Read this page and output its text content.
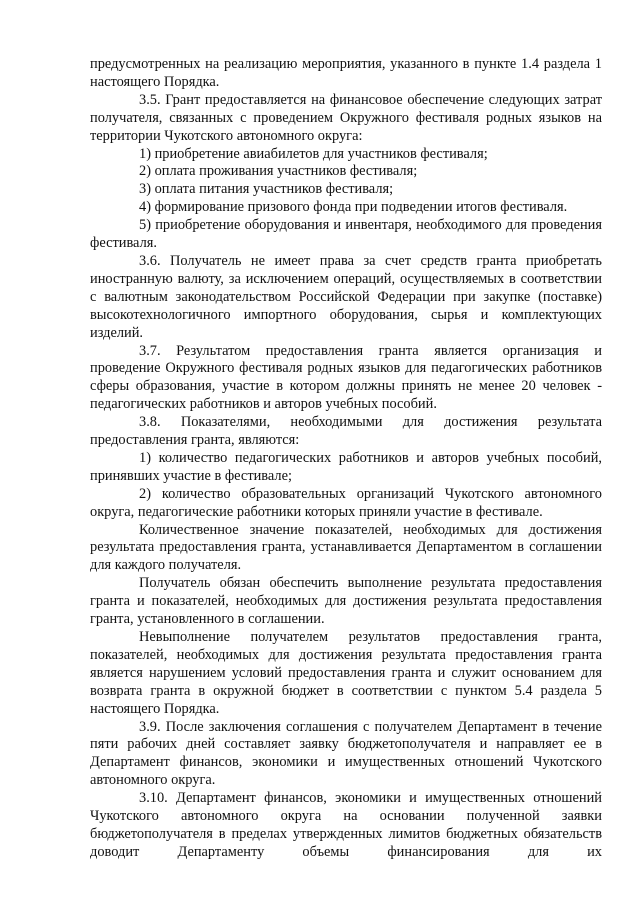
предусмотренных на реализацию мероприятия, указанного в пункте 1.4 раздела 1 настоящего Порядка.

3.5. Грант предоставляется на финансовое обеспечение следующих затрат получателя, связанных с проведением Окружного фестиваля родных языков на территории Чукотского автономного округа:

1) приобретение авиабилетов для участников фестиваля;

2) оплата проживания участников фестиваля;

3) оплата питания участников фестиваля;

4) формирование призового фонда при подведении итогов фестиваля.

5) приобретение оборудования и инвентаря, необходимого для проведения фестиваля.

3.6. Получатель не имеет права за счет средств гранта приобретать иностранную валюту, за исключением операций, осуществляемых в соответствии с валютным законодательством Российской Федерации при закупке (поставке) высокотехнологичного импортного оборудования, сырья и комплектующих изделий.

3.7. Результатом предоставления гранта является организация и проведение Окружного фестиваля родных языков для педагогических работников сферы образования, участие в котором должны принять не менее 20 человек - педагогических работников и авторов учебных пособий.

3.8. Показателями, необходимыми для достижения результата предоставления гранта, являются:

1) количество педагогических работников и авторов учебных пособий, принявших участие в фестивале;

2) количество образовательных организаций Чукотского автономного округа, педагогические работники которых приняли участие в фестивале.

Количественное значение показателей, необходимых для достижения результата предоставления гранта, устанавливается Департаментом в соглашении для каждого получателя.

Получатель обязан обеспечить выполнение результата предоставления гранта и показателей, необходимых для достижения результата предоставления гранта, установленного в соглашении.

Невыполнение получателем результатов предоставления гранта, показателей, необходимых для достижения результата предоставления гранта является нарушением условий предоставления гранта и служит основанием для возврата гранта в окружной бюджет в соответствии с пунктом 5.4 раздела 5 настоящего Порядка.

3.9. После заключения соглашения с получателем Департамент в течение пяти рабочих дней составляет заявку бюджетополучателя и направляет ее в Департамент финансов, экономики и имущественных отношений Чукотского автономного округа.

3.10. Департамент финансов, экономики и имущественных отношений Чукотского автономного округа на основании полученной заявки бюджетополучателя в пределах утвержденных лимитов бюджетных обязательств доводит Департаменту объемы финансирования для их
